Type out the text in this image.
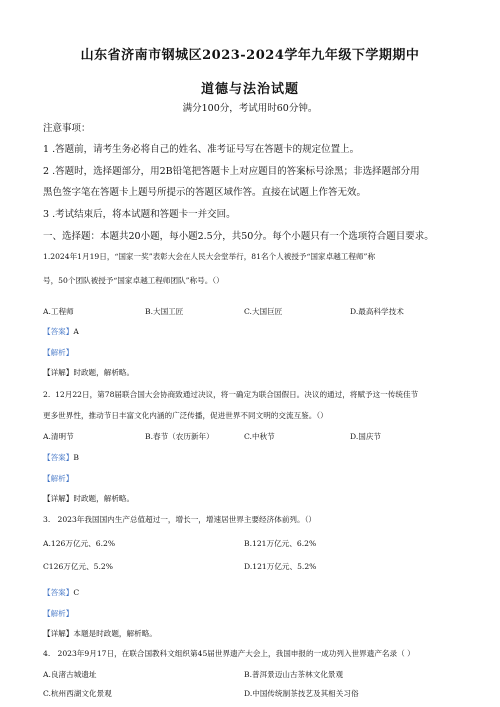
山东省济南市钢城区2023-2024学年九年级下学期期中
道德与法治试题
满分100分，考试用时60分钟。
注意事项：
1 .答题前，请考生务必将自己的姓名、准考证号写在答题卡的规定位置上。
2 .答题时，选择题部分，用2B铅笔把答题卡上对应题目的答案标号涂黑；非选择题部分用
黑色签字笔在答题卡上题号所提示的答题区域作答。直接在试题上作答无效。
3 .考试结束后，将本试题和答题卡一并交回。
一、选择题：本题共20小题，每小题2.5分，共50分。每个小题只有一个选项符合题目要求。
1.2024年1月19日，“国家一奖”表彰大会在人民大会堂举行，81名个人被授予“国家卓越工程师”称
号，50个团队被授予“国家卓越工程师团队”称号。（）
A.工程师	B.大国工匠	C.大国巨匠	D.最高科学技术
【答案】A
【解析】
【详解】时政题，解析略。
2.  12月22日，第78届联合国大会协商致通过决议，将一确定为联合国假日。决议的通过，将赋予这一传统佳节
更多世界性，推动节日丰富文化内涵的广泛传播，促进世界不同文明的交流互鉴。（）
A.清明节	B.春节（农历新年）	C.中秋节	D.国庆节
【答案】B
【解析】
【详解】时政题，解析略。
3.   2023年我国国内生产总值超过一，增长一，增速居世界主要经济体前列。（）
A.126万亿元、6.2%	B.121万亿元、6.2%
C126万亿元、5.2%	D.121万亿元、5.2%
【答案】C
【解析】
【详解】本题是时政题，解析略。
4.   2023年9月17日，在联合国教科文组织第45届世界遗产大会上，我国申报的一成功列入世界遗产名录（ ）
A.良渚古城遗址	B.普洱景迈山古茶林文化景观
C.杭州西湖文化景观	D.中国传统制茶技艺及其相关习俗
